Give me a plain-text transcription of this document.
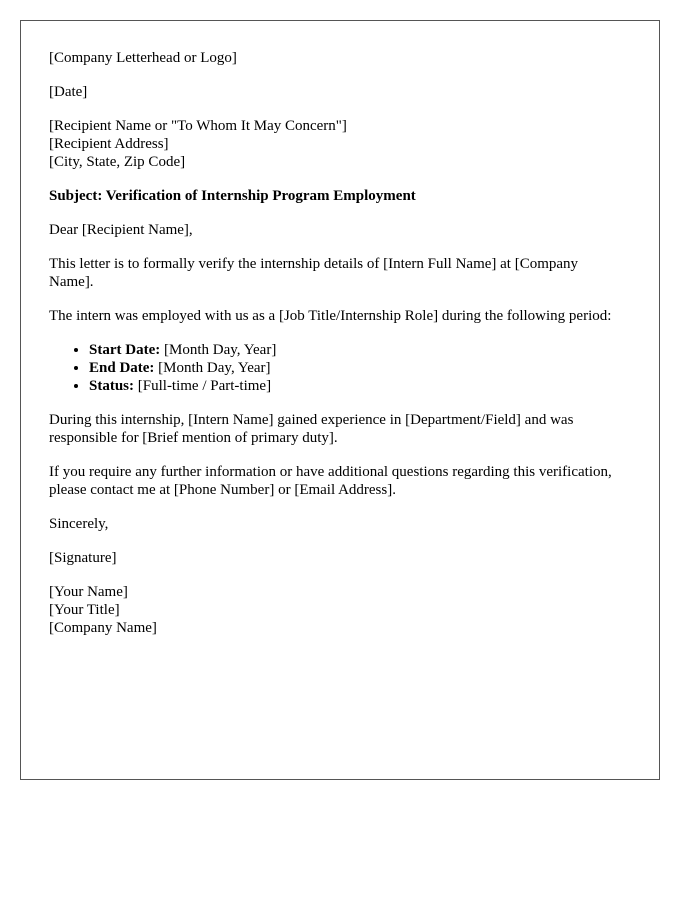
[Company Letterhead or Logo]

[Date]

[Recipient Name or "To Whom It May Concern"]
[Recipient Address]
[City, State, Zip Code]

Subject: Verification of Internship Program Employment

Dear [Recipient Name],

This letter is to formally verify the internship details of [Intern Full Name] at [Company Name].

The intern was employed with us as a [Job Title/Internship Role] during the following period:

• Start Date: [Month Day, Year]
• End Date: [Month Day, Year]
• Status: [Full-time / Part-time]

During this internship, [Intern Name] gained experience in [Department/Field] and was responsible for [Brief mention of primary duty].

If you require any further information or have additional questions regarding this verification, please contact me at [Phone Number] or [Email Address].

Sincerely,

[Signature]

[Your Name]
[Your Title]
[Company Name]
